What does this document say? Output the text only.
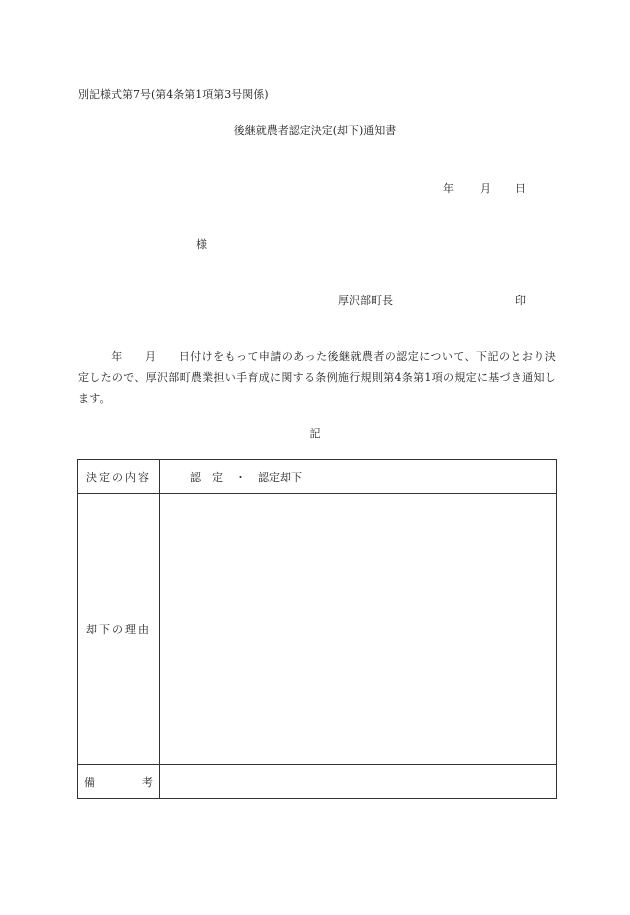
別記様式第7号(第4条第1項第3号関係)
後継就農者認定決定(却下)通知書
年 月 日
様
厚沢部町長	印
年 月 日付けをもって申請のあった後継就農者の認定について、下記のとおり決定したので、厚沢部町農業担い手育成に関する条例施行規則第4条第1項の規定に基づき通知します。
記
決定の内容	認　定 ・ 認定却下

却下の理由	

備 考	
